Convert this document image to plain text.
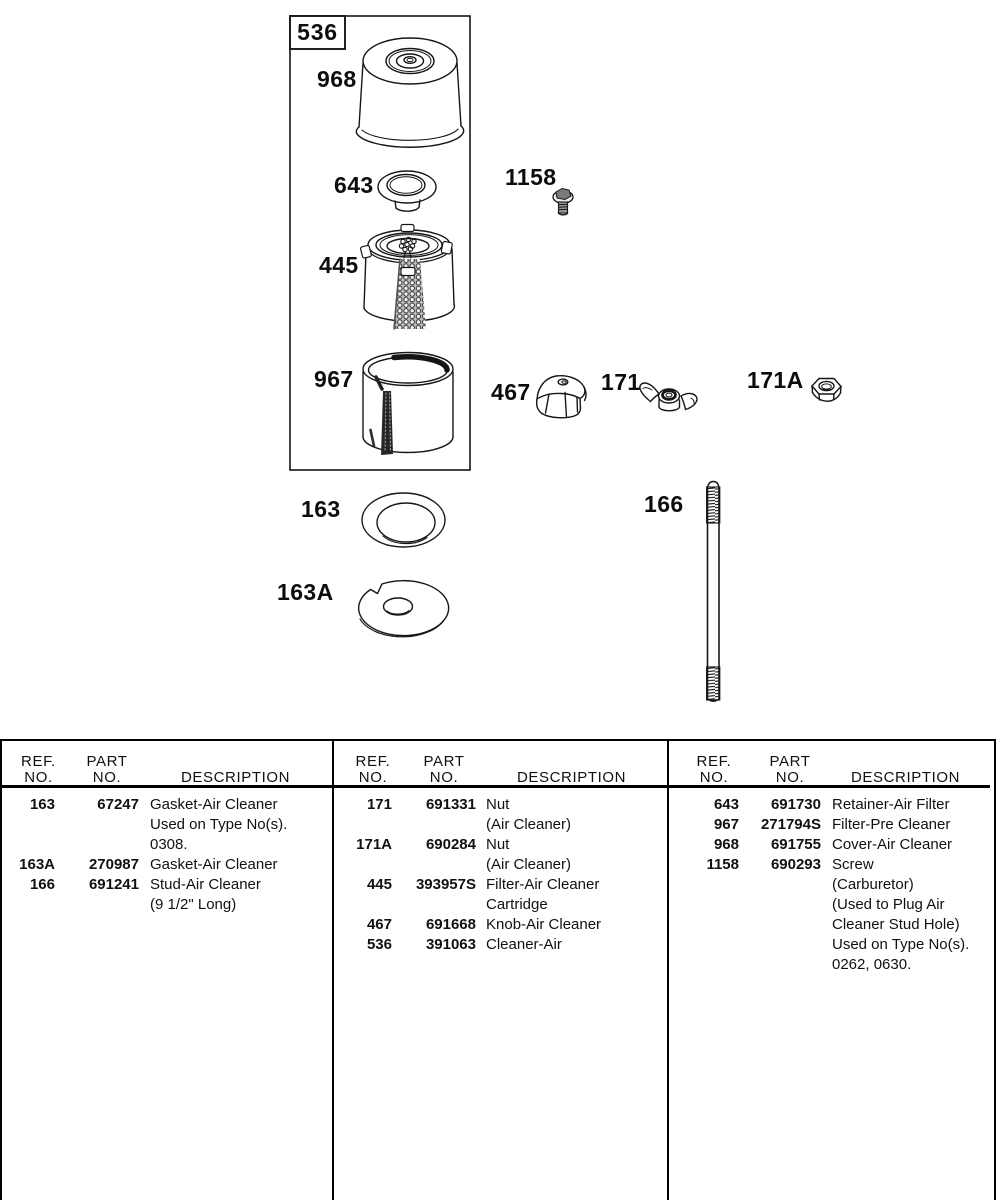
536
968
643
445
1158
967	467	171	171A
163
163A
166
REF.
NO.
PART
NO.	DESCRIPTION
163	67247 Gasket-Air Cleaner
Used on Type No(s).
0308.
163A	270987 Gasket-Air Cleaner
166	691241 Stud-Air Cleaner
(9 1/2" Long)
REF.
NO.
PART
NO.	DESCRIPTION
171	691331 Nut
(Air Cleaner)
171A	690284 Nut
(Air Cleaner)
445	393957S Filter-Air Cleaner
Cartridge
467	691668 Knob-Air Cleaner
536	391063 Cleaner-Air
REF.
NO.
PART
NO.	DESCRIPTION
643	691730 Retainer-Air Filter
967	271794S Filter-Pre Cleaner
968	691755 Cover-Air Cleaner
1158	690293 Screw
(Carburetor)
(Used to Plug Air
Cleaner Stud Hole)
Used on Type No(s).
0262, 0630.
